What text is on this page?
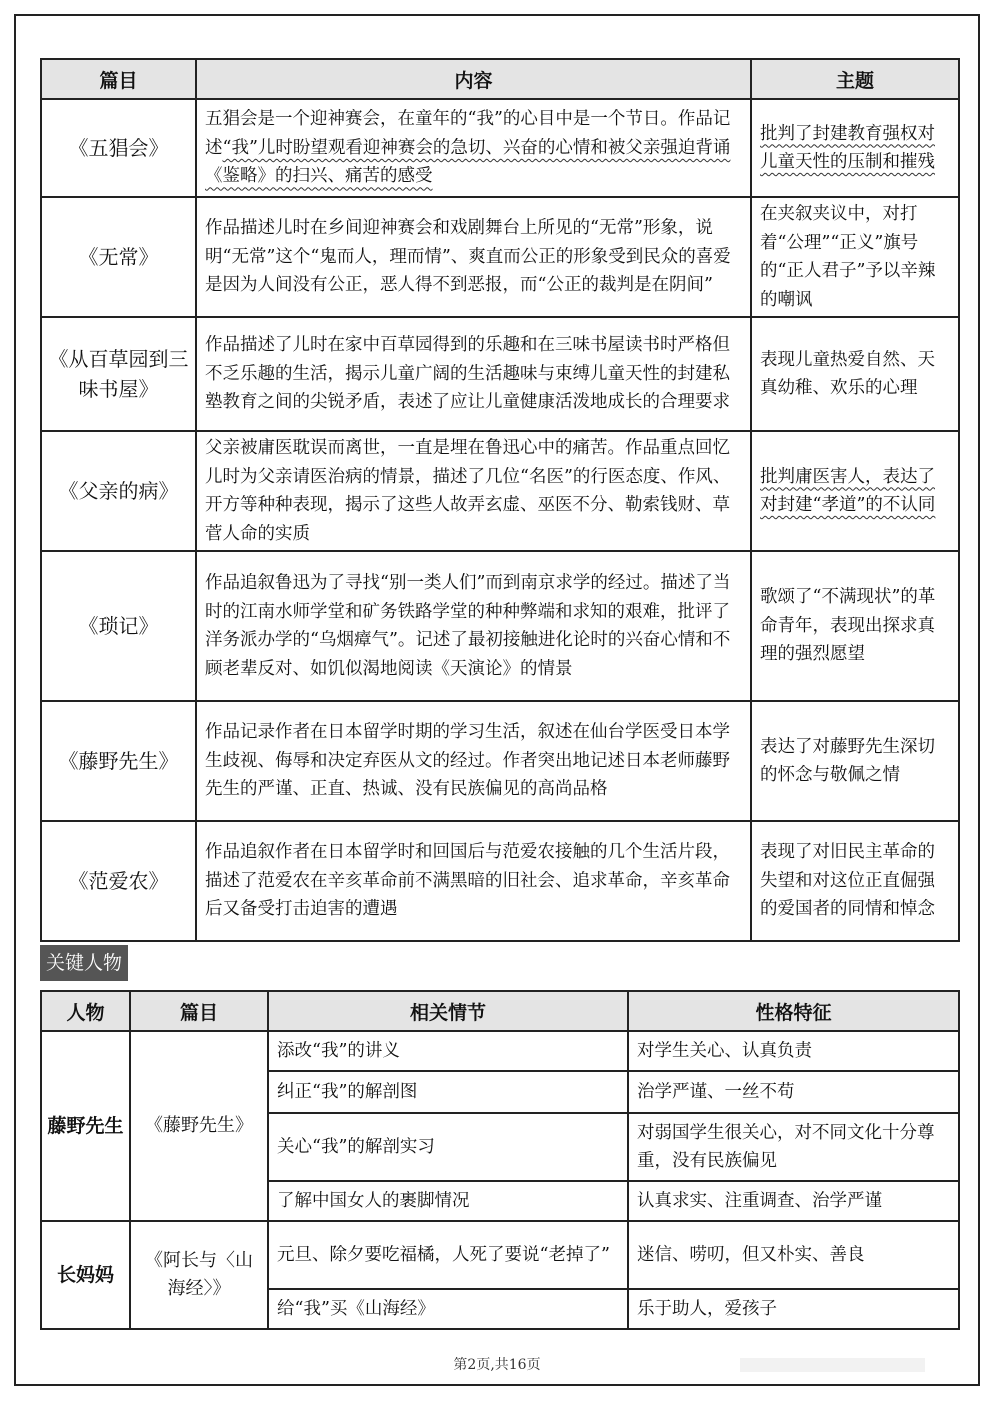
篇目	内容	主题
《五猖会》	五猖会是一个迎神赛会，在童年的“我”的心目中是一个节日。作品记述“我”儿时盼望观看迎神赛会的急切、兴奋的心情和被父亲强迫背诵《鉴略》的扫兴、痛苦的感受	批判了封建教育强权对儿童天性的压制和摧残
《无常》	作品描述儿时在乡间迎神赛会和戏剧舞台上所见的“无常”形象，说明“无常”这个“鬼而人，理而情”、爽直而公正的形象受到民众的喜爱是因为人间没有公正，恶人得不到恶报，而“公正的裁判是在阴间”	在夹叙夹议中，对打着“公理”“正义”旗号的“正人君子”予以辛辣的嘲讽
《从百草园到三味书屋》	作品描述了儿时在家中百草园得到的乐趣和在三味书屋读书时严格但不乏乐趣的生活，揭示儿童广阔的生活趣味与束缚儿童天性的封建私塾教育之间的尖锐矛盾，表述了应让儿童健康活泼地成长的合理要求	表现儿童热爱自然、天真幼稚、欢乐的心理
《父亲的病》	父亲被庸医耽误而离世，一直是埋在鲁迅心中的痛苦。作品重点回忆儿时为父亲请医治病的情景，描述了几位“名医”的行医态度、作风、开方等种种表现，揭示了这些人故弄玄虚、巫医不分、勒索钱财、草菅人命的实质	批判庸医害人，表达了对封建“孝道”的不认同
《琐记》	作品追叙鲁迅为了寻找“别一类人们”而到南京求学的经过。描述了当时的江南水师学堂和矿务铁路学堂的种种弊端和求知的艰难，批评了洋务派办学的“乌烟瘴气”。记述了最初接触进化论时的兴奋心情和不顾老辈反对、如饥似渴地阅读《天演论》的情景	歌颂了“不满现状”的革命青年，表现出探求真理的强烈愿望
《藤野先生》	作品记录作者在日本留学时期的学习生活，叙述在仙台学医受日本学生歧视、侮辱和决定弃医从文的经过。作者突出地记述日本老师藤野先生的严谨、正直、热诚、没有民族偏见的高尚品格	表达了对藤野先生深切的怀念与敬佩之情
《范爱农》	作品追叙作者在日本留学时和回国后与范爱农接触的几个生活片段，描述了范爱农在辛亥革命前不满黑暗的旧社会、追求革命，辛亥革命后又备受打击迫害的遭遇	表现了对旧民主革命的失望和对这位正直倔强的爱国者的同情和悼念
关键人物
人物	篇目	相关情节	性格特征
藤野先生	《藤野先生》	添改“我”的讲义	对学生关心、认真负责
		纠正“我”的解剖图	治学严谨、一丝不苟
		关心“我”的解剖实习	对弱国学生很关心，对不同文化十分尊重，没有民族偏见
		了解中国女人的裹脚情况	认真求实、注重调查、治学严谨
长妈妈	《阿长与〈山海经〉》	元旦、除夕要吃福橘，人死了要说“老掉了”	迷信、唠叨，但又朴实、善良
		给“我”买《山海经》	乐于助人，爱孩子
第2页,共16页
